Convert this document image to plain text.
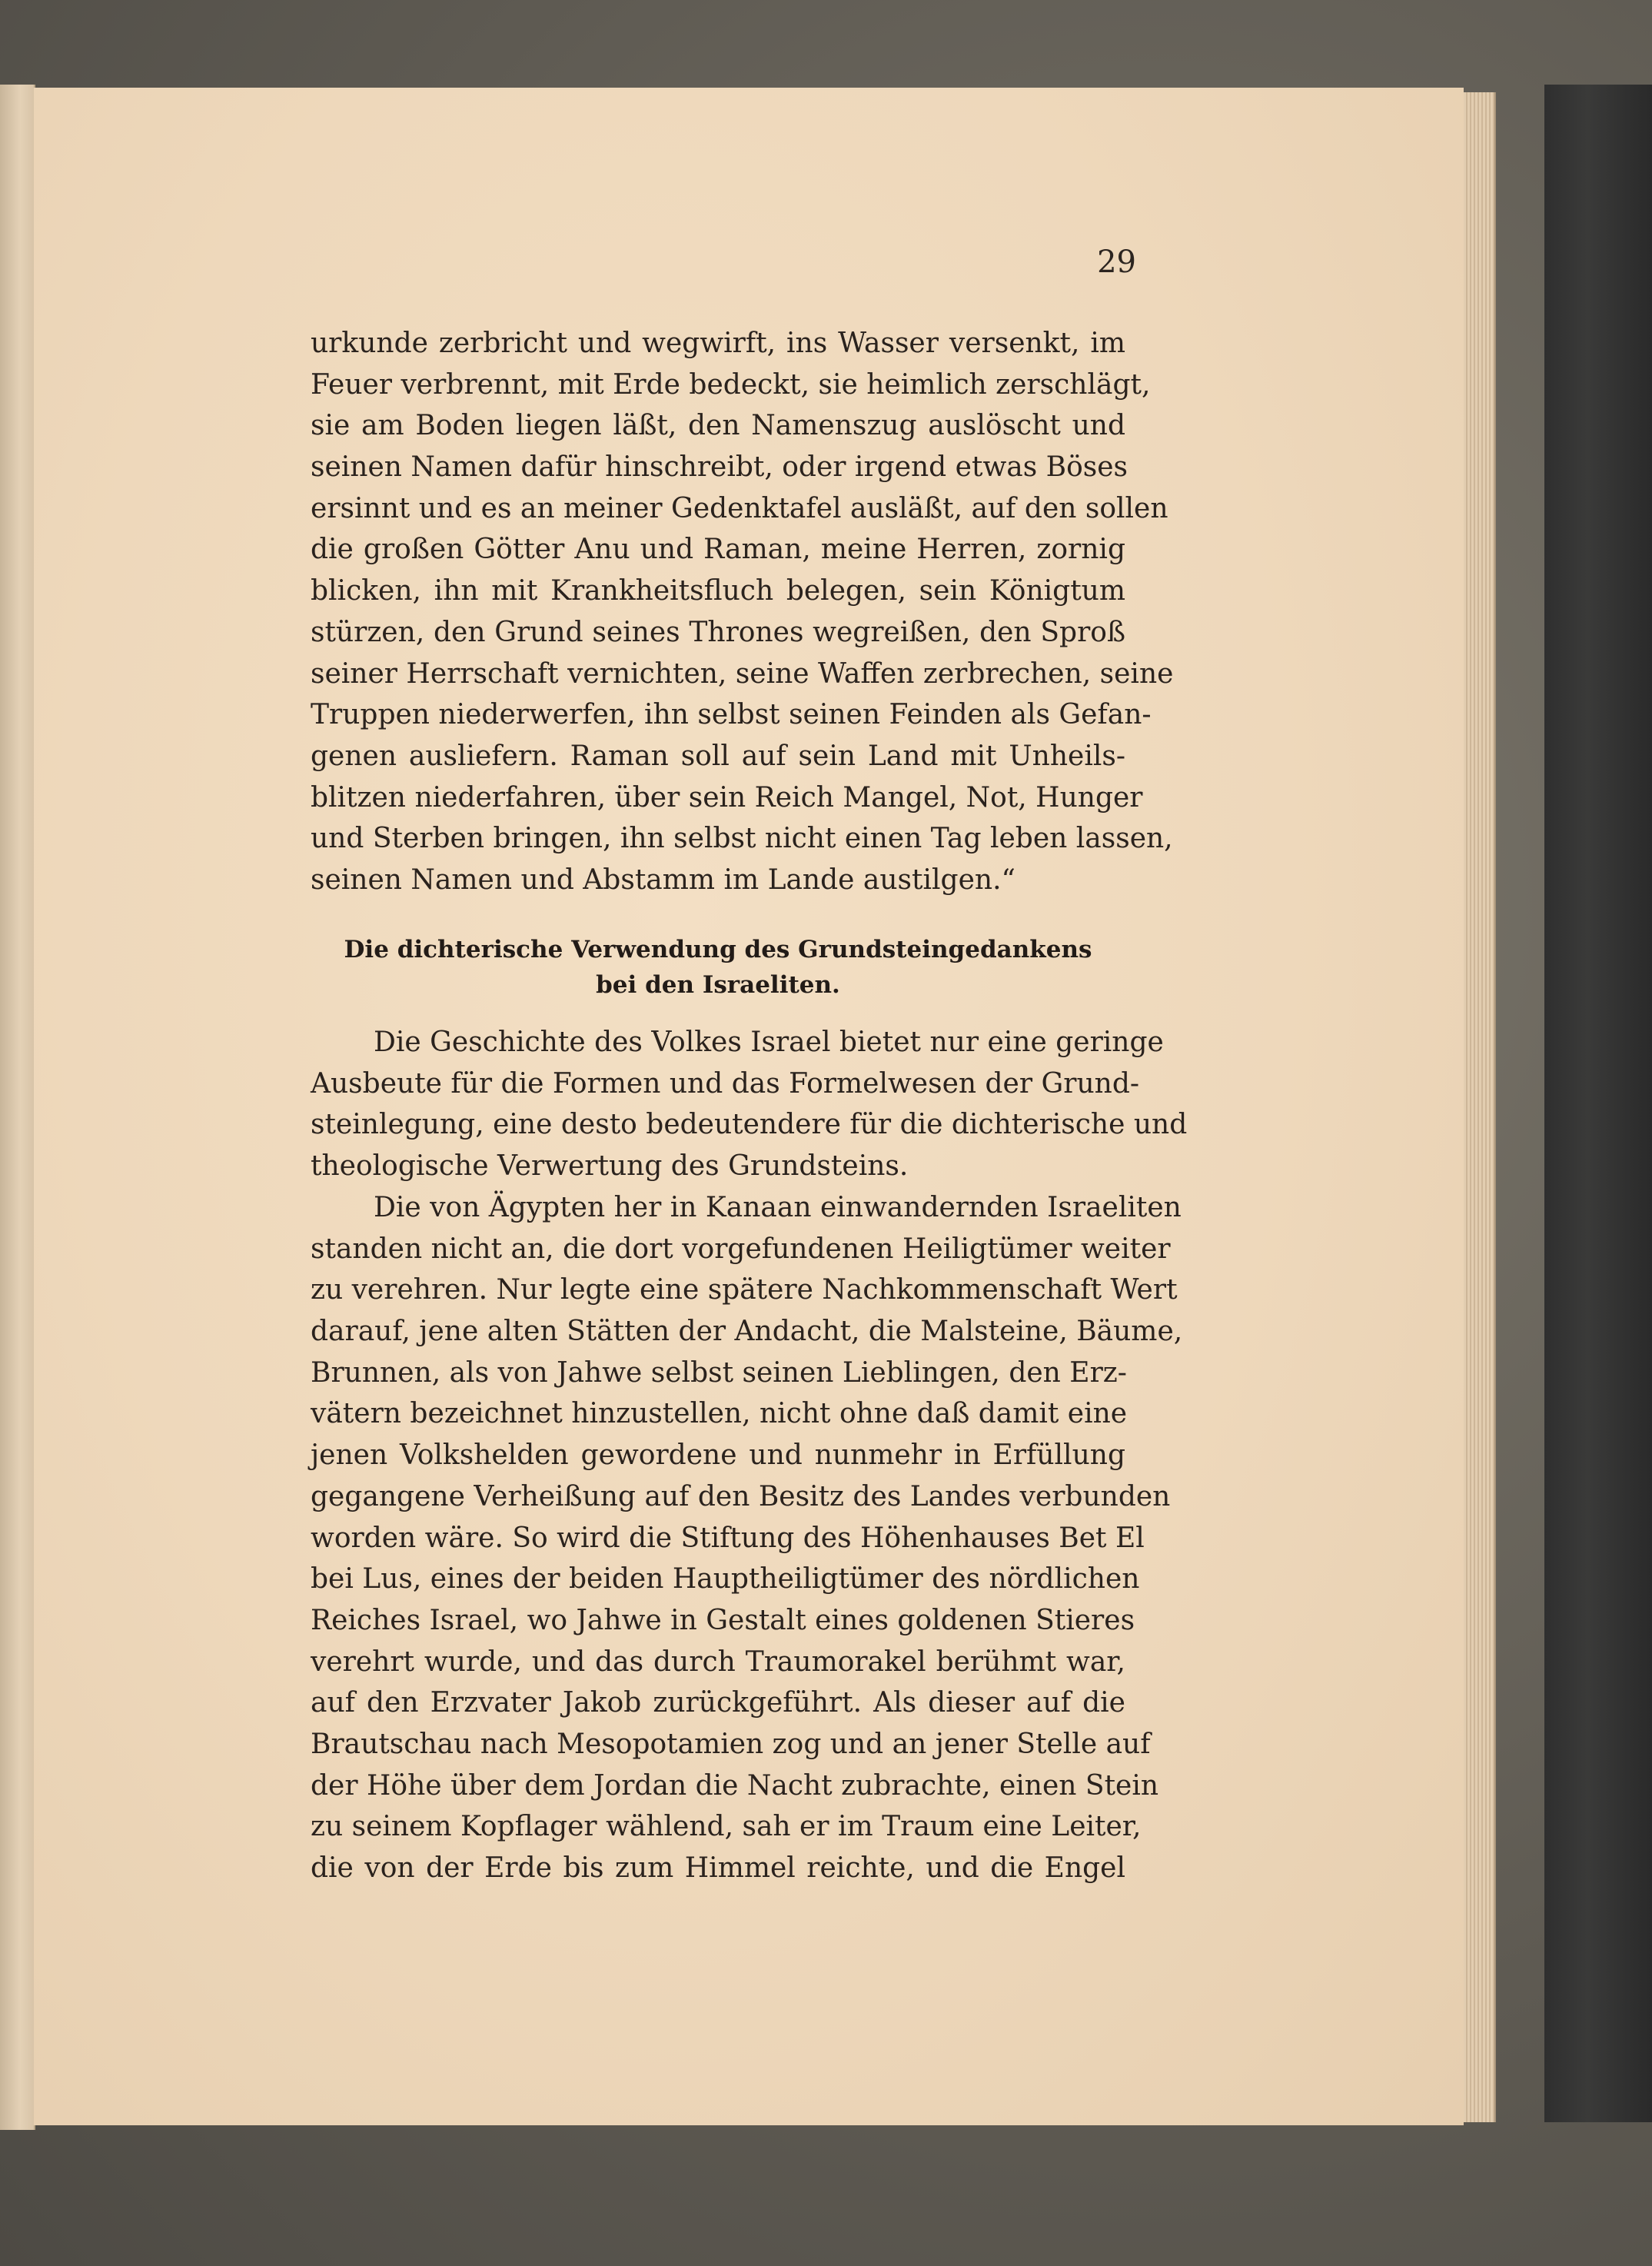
29
urkunde zerbricht und wegwirft, ins Wasser versenkt, im
Feuer verbrennt, mit Erde bedeckt, sie heimlich zerschlägt,
sie am Boden liegen läßt, den Namenszug auslöscht und
seinen Namen dafür hinschreibt, oder irgend etwas Böses
ersinnt und es an meiner Gedenktafel ausläßt, auf den sollen
die großen Götter Anu und Raman, meine Herren, zornig
blicken, ihn mit Krankheitsfluch belegen, sein Königtum
stürzen, den Grund seines Thrones wegreißen, den Sproß
seiner Herrschaft vernichten, seine Waffen zerbrechen, seine
Truppen niederwerfen, ihn selbst seinen Feinden als Gefan-
genen ausliefern. Raman soll auf sein Land mit Unheils-
blitzen niederfahren, über sein Reich Mangel, Not, Hunger
und Sterben bringen, ihn selbst nicht einen Tag leben lassen,
seinen Namen und Abstamm im Lande austilgen.“
Die dichterische Verwendung des Grundsteingedankens
bei den Israeliten.
Die Geschichte des Volkes Israel bietet nur eine geringe
Ausbeute für die Formen und das Formelwesen der Grund-
steinlegung, eine desto bedeutendere für die dichterische und
theologische Verwertung des Grundsteins.
Die von Ägypten her in Kanaan einwandernden Israeliten
standen nicht an, die dort vorgefundenen Heiligtümer weiter
zu verehren. Nur legte eine spätere Nachkommenschaft Wert
darauf, jene alten Stätten der Andacht, die Malsteine, Bäume,
Brunnen, als von Jahwe selbst seinen Lieblingen, den Erz-
vätern bezeichnet hinzustellen, nicht ohne daß damit eine
jenen Volkshelden gewordene und nunmehr in Erfüllung
gegangene Verheißung auf den Besitz des Landes verbunden
worden wäre. So wird die Stiftung des Höhenhauses Bet El
bei Lus, eines der beiden Hauptheiligtümer des nördlichen
Reiches Israel, wo Jahwe in Gestalt eines goldenen Stieres
verehrt wurde, und das durch Traumorakel berühmt war,
auf den Erzvater Jakob zurückgeführt. Als dieser auf die
Brautschau nach Mesopotamien zog und an jener Stelle auf
der Höhe über dem Jordan die Nacht zubrachte, einen Stein
zu seinem Kopflager wählend, sah er im Traum eine Leiter,
die von der Erde bis zum Himmel reichte, und die Engel
